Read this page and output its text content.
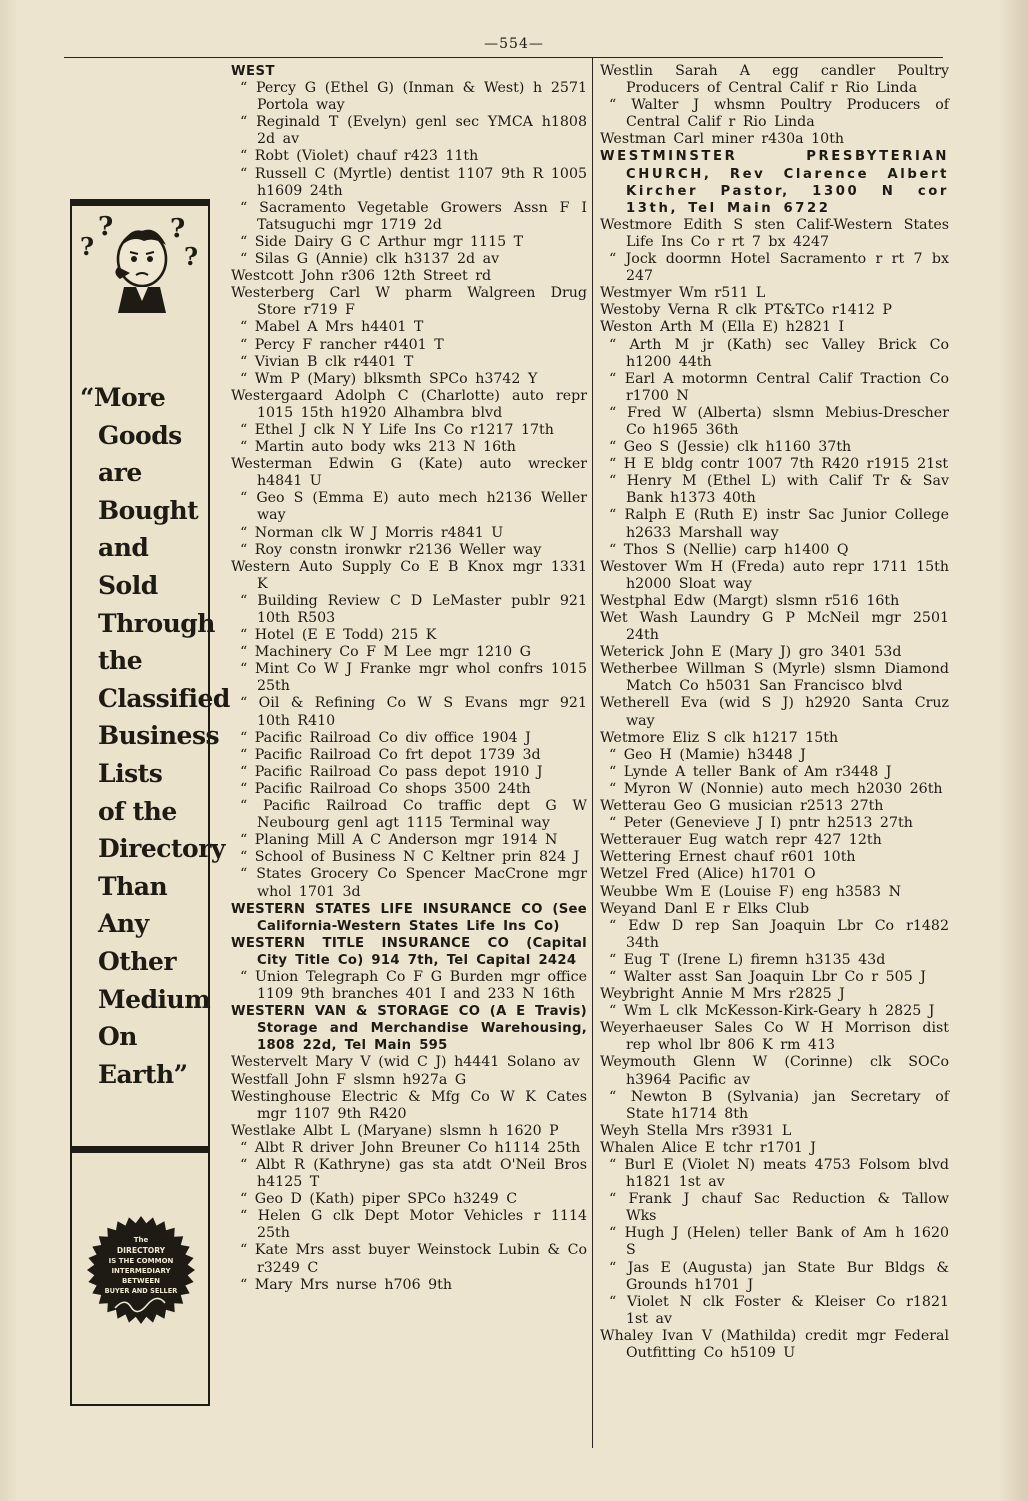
—554—
?
? ?
?
“More
Goods
are
Bought
and
Sold
Through
the
Classified
Business
Lists
of the
Directory
Than
Any
Other
Medium
On
Earth”
The
DIRECTORY
IS THE COMMON
INTERMEDIARY
BETWEEN
BUYER AND SELLER
WEST
“ Percy G (Ethel G) (Inman & West) h 2571 Portola way
“ Reginald T (Evelyn) genl sec YMCA h1808 2d av
“ Robt (Violet) chauf r423 11th
“ Russell C (Myrtle) dentist 1107 9th R 1005 h1609 24th
“ Sacramento Vegetable Growers Assn F I Tatsuguchi mgr 1719 2d
“ Side Dairy G C Arthur mgr 1115 T
“ Silas G (Annie) clk h3137 2d av
Westcott John r306 12th Street rd
Westerberg Carl W pharm Walgreen Drug Store r719 F
“ Mabel A Mrs h4401 T
“ Percy F rancher r4401 T
“ Vivian B clk r4401 T
“ Wm P (Mary) blksmth SPCo h3742 Y
Westergaard Adolph C (Charlotte) auto repr 1015 15th h1920 Alhambra blvd
“ Ethel J clk N Y Life Ins Co r1217 17th
“ Martin auto body wks 213 N 16th
Westerman Edwin G (Kate) auto wrecker h4841 U
“ Geo S (Emma E) auto mech h2136 Weller way
“ Norman clk W J Morris r4841 U
“ Roy constn ironwkr r2136 Weller way
Western Auto Supply Co E B Knox mgr 1331 K
“ Building Review C D LeMaster publr 921 10th R503
“ Hotel (E E Todd) 215 K
“ Machinery Co F M Lee mgr 1210 G
“ Mint Co W J Franke mgr whol confrs 1015 25th
“ Oil & Refining Co W S Evans mgr 921 10th R410
“ Pacific Railroad Co div office 1904 J
“ Pacific Railroad Co frt depot 1739 3d
“ Pacific Railroad Co pass depot 1910 J
“ Pacific Railroad Co shops 3500 24th
“ Pacific Railroad Co traffic dept G W Neubourg genl agt 1115 Terminal way
“ Planing Mill A C Anderson mgr 1914 N
“ School of Business N C Keltner prin 824 J
“ States Grocery Co Spencer MacCrone mgr whol 1701 3d
WESTERN STATES LIFE INSURANCE CO (See California-Western States Life Ins Co)
WESTERN TITLE INSURANCE CO (Capital City Title Co) 914 7th, Tel Capital 2424
“ Union Telegraph Co F G Burden mgr office 1109 9th branches 401 I and 233 N 16th
WESTERN VAN & STORAGE CO (A E Travis) Storage and Merchandise Warehousing, 1808 22d, Tel Main 595
Westervelt Mary V (wid C J) h4441 Solano av
Westfall John F slsmn h927a G
Westinghouse Electric & Mfg Co W K Cates mgr 1107 9th R420
Westlake Albt L (Maryane) slsmn h 1620 P
“ Albt R driver John Breuner Co h1114 25th
“ Albt R (Kathryne) gas sta atdt O'Neil Bros h4125 T
“ Geo D (Kath) piper SPCo h3249 C
“ Helen G clk Dept Motor Vehicles r 1114 25th
“ Kate Mrs asst buyer Weinstock Lubin & Co r3249 C
“ Mary Mrs nurse h706 9th
Westlin Sarah A egg candler Poultry Producers of Central Calif r Rio Linda
“ Walter J whsmn Poultry Producers of Central Calif r Rio Linda
Westman Carl miner r430a 10th
WESTMINSTER PRESBYTERIAN CHURCH, Rev Clarence Albert Kircher Pastor, 1300 N cor 13th, Tel Main 6722
Westmore Edith S sten Calif-Western States Life Ins Co r rt 7 bx 4247
“ Jock doormn Hotel Sacramento r rt 7 bx 247
Westmyer Wm r511 L
Westoby Verna R clk PT&TCo r1412 P
Weston Arth M (Ella E) h2821 I
“ Arth M jr (Kath) sec Valley Brick Co h1200 44th
“ Earl A motormn Central Calif Traction Co r1700 N
“ Fred W (Alberta) slsmn Mebius-Drescher Co h1965 36th
“ Geo S (Jessie) clk h1160 37th
“ H E bldg contr 1007 7th R420 r1915 21st
“ Henry M (Ethel L) with Calif Tr & Sav Bank h1373 40th
“ Ralph E (Ruth E) instr Sac Junior College h2633 Marshall way
“ Thos S (Nellie) carp h1400 Q
Westover Wm H (Freda) auto repr 1711 15th h2000 Sloat way
Westphal Edw (Margt) slsmn r516 16th
Wet Wash Laundry G P McNeil mgr 2501 24th
Weterick John E (Mary J) gro 3401 53d
Wetherbee Willman S (Myrle) slsmn Diamond Match Co h5031 San Francisco blvd
Wetherell Eva (wid S J) h2920 Santa Cruz way
Wetmore Eliz S clk h1217 15th
“ Geo H (Mamie) h3448 J
“ Lynde A teller Bank of Am r3448 J
“ Myron W (Nonnie) auto mech h2030 26th
Wetterau Geo G musician r2513 27th
“ Peter (Genevieve J I) pntr h2513 27th
Wetterauer Eug watch repr 427 12th
Wettering Ernest chauf r601 10th
Wetzel Fred (Alice) h1701 O
Weubbe Wm E (Louise F) eng h3583 N
Weyand Danl E r Elks Club
“ Edw D rep San Joaquin Lbr Co r1482 34th
“ Eug T (Irene L) firemn h3135 43d
“ Walter asst San Joaquin Lbr Co r 505 J
Weybright Annie M Mrs r2825 J
“ Wm L clk McKesson-Kirk-Geary h 2825 J
Weyerhaeuser Sales Co W H Morrison dist rep whol lbr 806 K rm 413
Weymouth Glenn W (Corinne) clk SOCo h3964 Pacific av
“ Newton B (Sylvania) jan Secretary of State h1714 8th
Weyh Stella Mrs r3931 L
Whalen Alice E tchr r1701 J
“ Burl E (Violet N) meats 4753 Folsom blvd h1821 1st av
“ Frank J chauf Sac Reduction & Tallow Wks
“ Hugh J (Helen) teller Bank of Am h 1620 S
“ Jas E (Augusta) jan State Bur Bldgs & Grounds h1701 J
“ Violet N clk Foster & Kleiser Co r1821 1st av
Whaley Ivan V (Mathilda) credit mgr Federal Outfitting Co h5109 U
